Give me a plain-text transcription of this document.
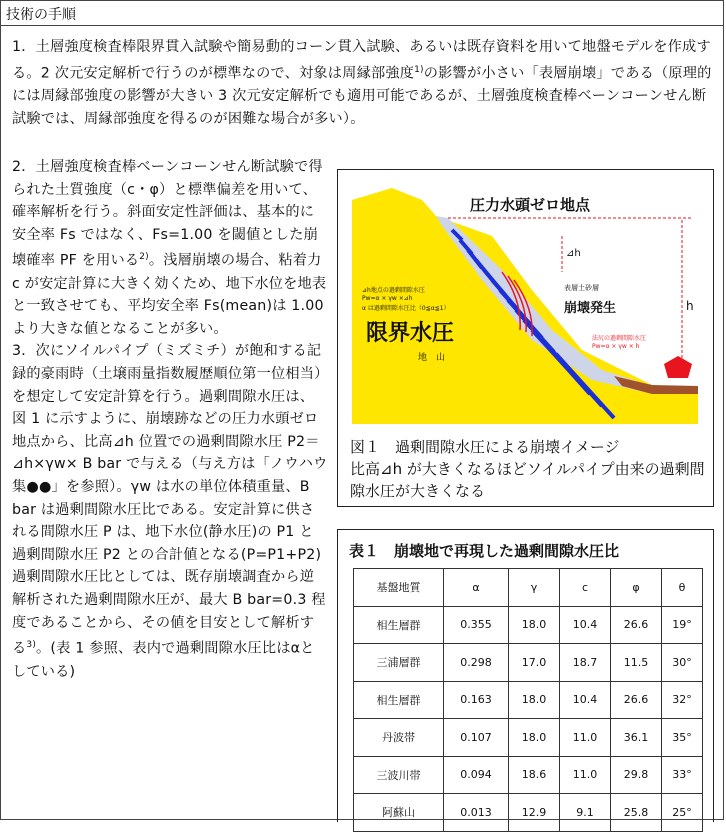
技術の手順
1．土層強度検査棒限界貫入試験や簡易動的コーン貫入試験、あるいは既存資料を用いて地盤モデルを作成する。2 次元安定解析で行うのが標準なので、対象は周縁部強度$^{1)}$の影響が小さい「表層崩壊」である（原理的には周縁部強度の影響が大きい 3 次元安定解析でも適用可能であるが、土層強度検査棒ベーンコーンせん断試験では、周縁部強度を得るのが困難な場合が多い）。
2．土層強度検査棒ベーンコーンせん断試験で得られた土質強度（c・φ）と標準偏差を用いて、確率解析を行う。斜面安定性評価は、基本的に安全率 Fs ではなく、Fs=1.00 を閾値とした崩壊確率 PF を用いる$^{2)}$。浅層崩壊の場合、粘着力 c が安定計算に大きく効くため、地下水位を地表と一致させても、平均安全率 Fs(mean)は 1.00 より大きな値となることが多い。
3．次にソイルパイプ（ミズミチ）が飽和する記録的豪雨時（土壌雨量指数履歴順位第一位相当）を想定して安定計算を行う。過剰間隙水圧は、図 1 に示すように、崩壊跡などの圧力水頭ゼロ地点から、比高⊿h 位置での過剰間隙水圧 P2＝⊿h×γw× B bar で与える（与え方は「ノウハウ集●●」を参照）。γw は水の単位体積重量、B bar は過剰間隙水圧比である。安定計算に供される間隙水圧 P は、地下水位(静水圧)の P1 と過剰間隙水圧 P2 との合計値となる(P=P1+P2) 過剰間隙水圧比としては、既存崩壊調査から逆解析された過剰間隙水圧が、最大 B bar=0.3 程度であることから、その値を目安として解析する$^{3)}$。(表 1 参照、表内で過剰間隙水圧比はαとしている)
圧力水頭ゼロ地点
⊿h
h
⊿h地点の過剰間隙水圧
Pw=α × γw ×⊿h
α は過剰間隙水圧比（0≦α≦1）
表層土砂層
崩壊発生
法尻の過剰間隙水圧
Pw=α × γw × h
限界水圧
地　山
崩土
図１　過剰間隙水圧による崩壊イメージ
比高⊿h が大きくなるほどソイルパイプ由来の過剰間隙水圧が大きくなる
表１　崩壊地で再現した過剰間隙水圧比
基盤地質	α	γ	c	φ	θ
相生層群	0.355	18.0	10.4	26.6	19°
三浦層群	0.298	17.0	18.7	11.5	30°
相生層群	0.163	18.0	10.4	26.6	32°
丹波帯	0.107	18.0	11.0	36.1	35°
三波川帯	0.094	18.6	11.0	29.8	33°
阿蘇山	0.013	12.9	9.1	25.8	25°
